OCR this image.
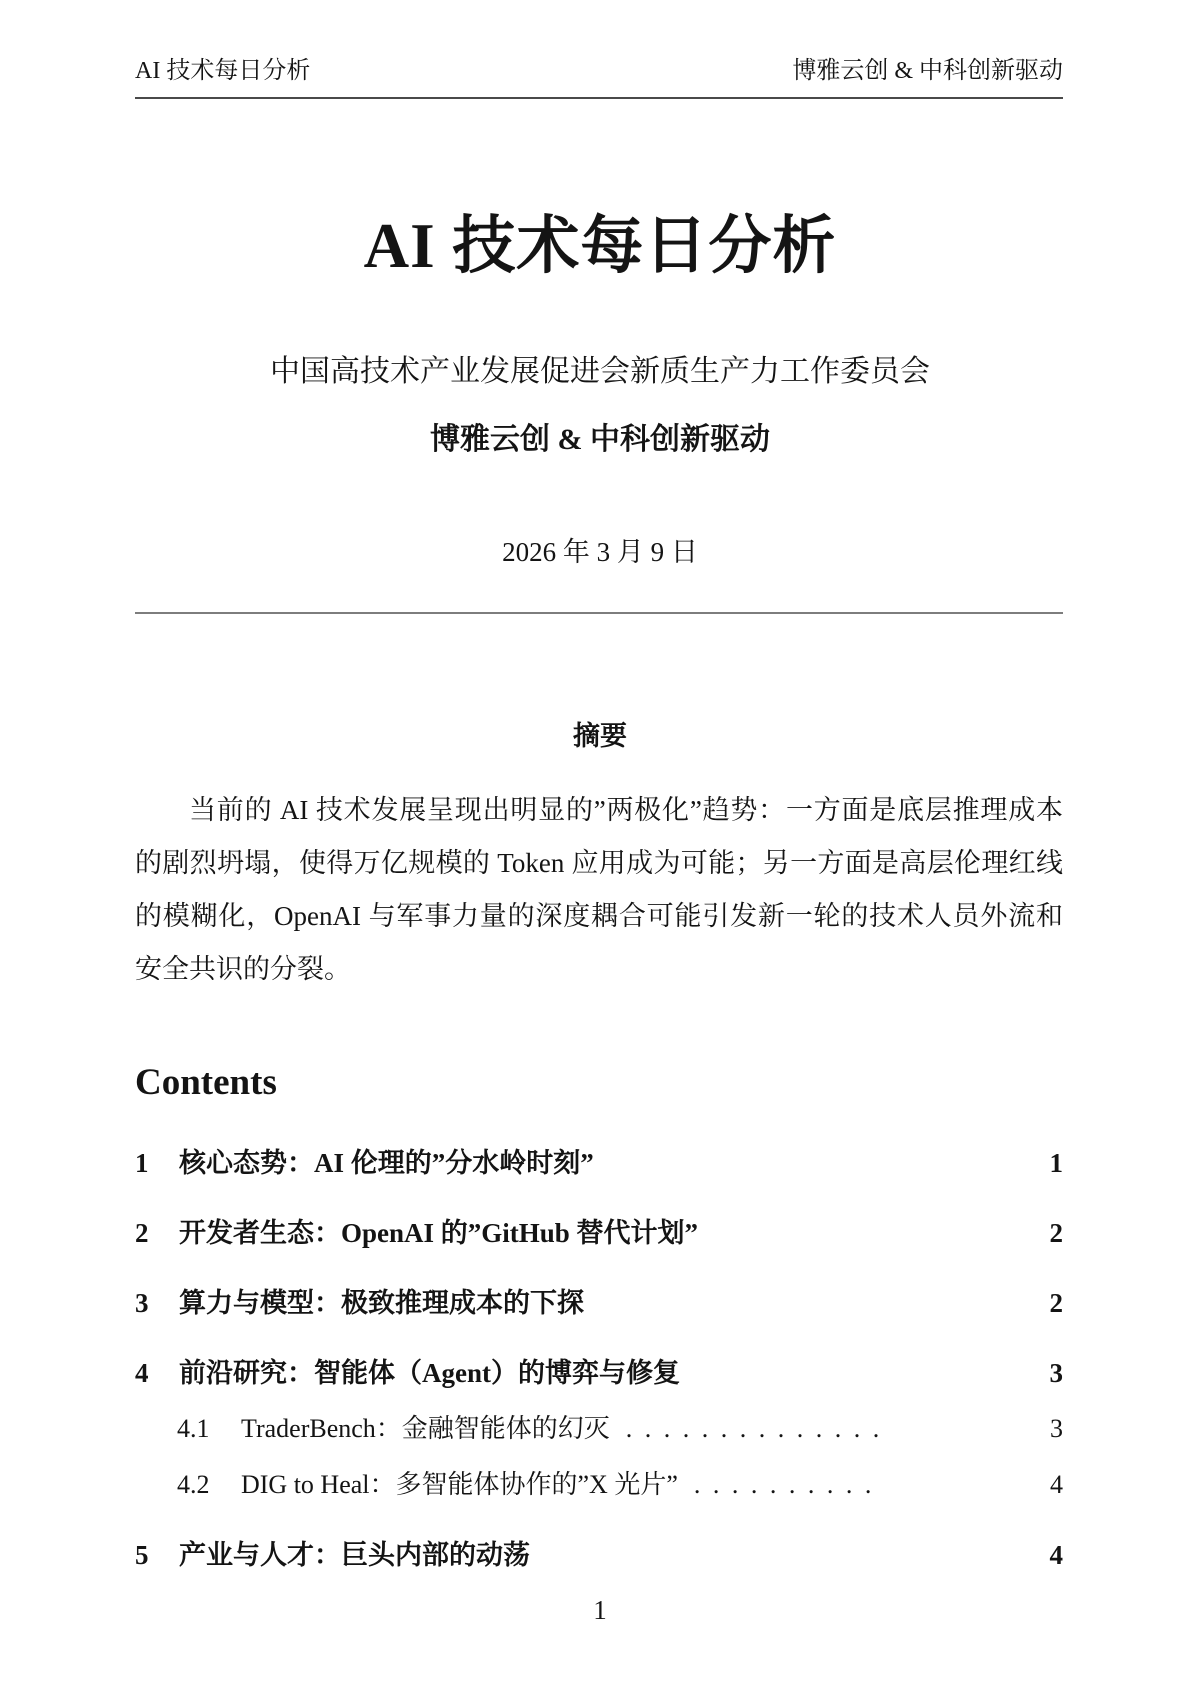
AI 技术每日分析	博雅云创 & 中科创新驱动
AI 技术每日分析
中国高技术产业发展促进会新质生产力工作委员会
博雅云创 & 中科创新驱动
2026 年 3 月 9 日
摘要
当前的 AI 技术发展呈现出明显的”两极化”趋势：一方面是底层推理成本的剧烈坍塌，使得万亿规模的 Token 应用成为可能；另一方面是高层伦理红线的模糊化，OpenAI 与军事力量的深度耦合可能引发新一轮的技术人员外流和安全共识的分裂。
Contents
1	核心态势：AI 伦理的”分水岭时刻”	1
2	开发者生态：OpenAI 的”GitHub 替代计划”	2
3	算力与模型：极致推理成本的下探	2
4	前沿研究：智能体（Agent）的博弈与修复	3
4.1	TraderBench：金融智能体的幻灭 . . . . . . . . . . . . . .	3
4.2	DIG to Heal：多智能体协作的”X 光片” . . . . . . . . . .	4
5	产业与人才：巨头内部的动荡	4
1
